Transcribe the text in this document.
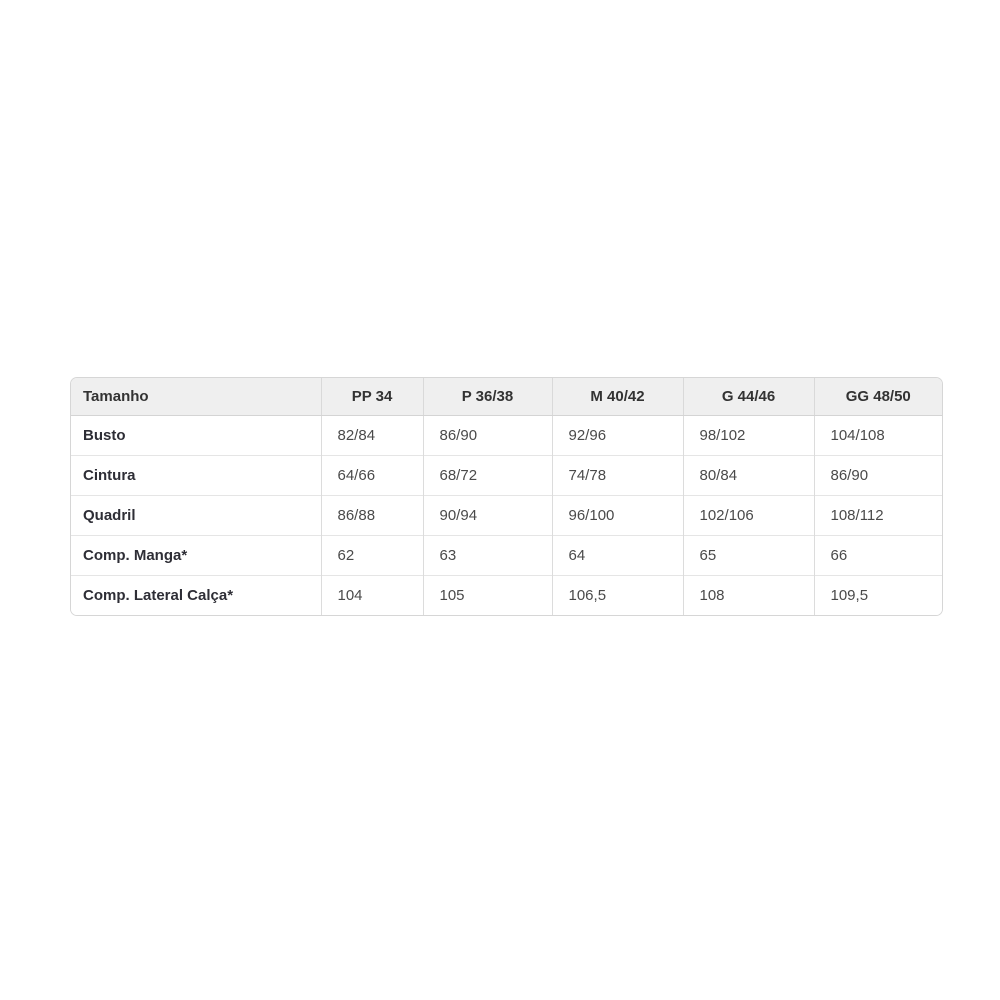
Tamanho	PP 34	P 36/38	M 40/42	G 44/46	GG 48/50
Busto	82/84	86/90	92/96	98/102	104/108
Cintura	64/66	68/72	74/78	80/84	86/90
Quadril	86/88	90/94	96/100	102/106	108/112
Comp. Manga*	62	63	64	65	66
Comp. Lateral Calça*	104	105	106,5	108	109,5
